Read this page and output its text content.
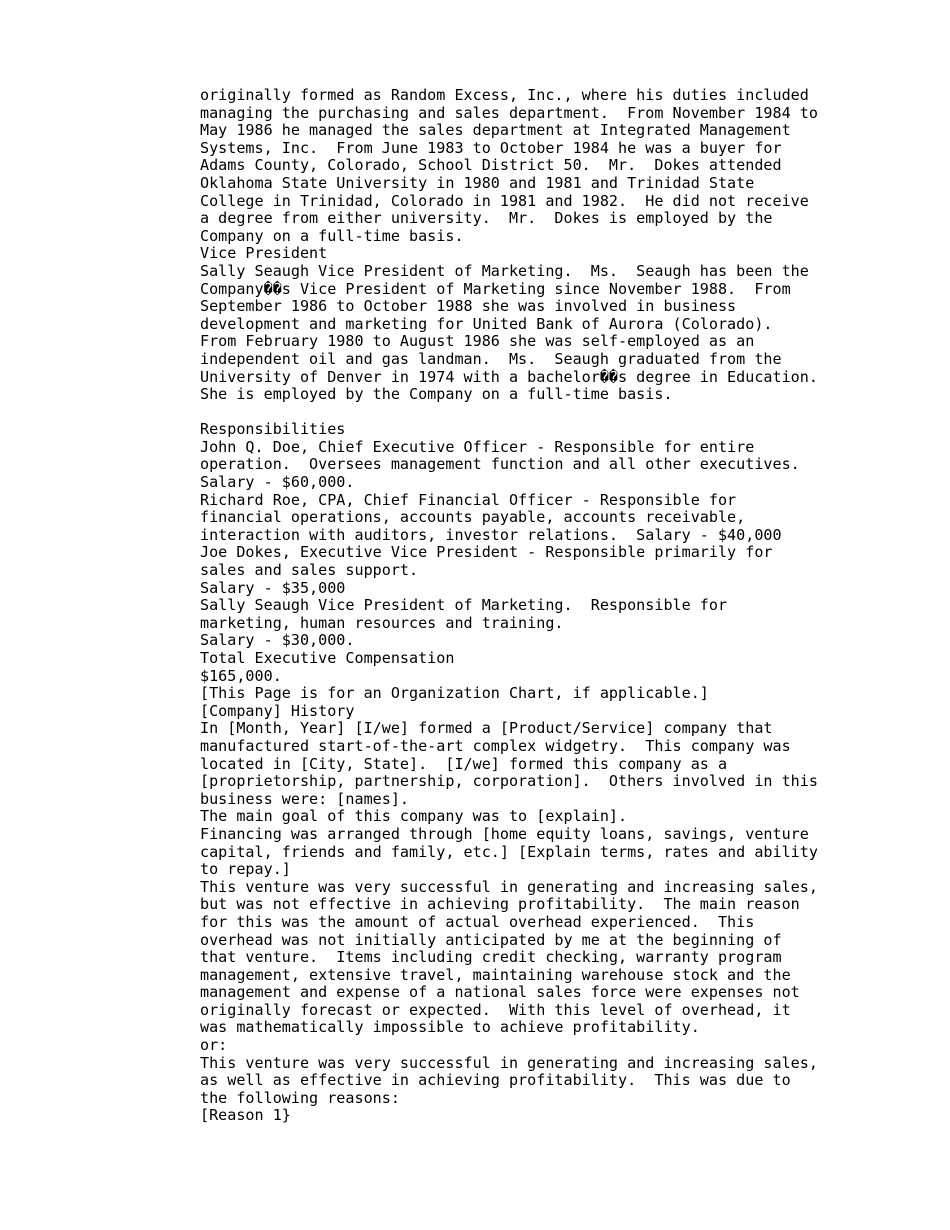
originally formed as Random Excess, Inc., where his duties included
managing the purchasing and sales department.  From November 1984 to
May 1986 he managed the sales department at Integrated Management
Systems, Inc.  From June 1983 to October 1984 he was a buyer for
Adams County, Colorado, School District 50.  Mr.  Dokes attended
Oklahoma State University in 1980 and 1981 and Trinidad State
College in Trinidad, Colorado in 1981 and 1982.  He did not receive
a degree from either university.  Mr.  Dokes is employed by the
Company on a full-time basis.
Vice President
Sally Seaugh Vice President of Marketing.  Ms.  Seaugh has been the
Company��s Vice President of Marketing since November 1988.  From
September 1986 to October 1988 she was involved in business
development and marketing for United Bank of Aurora (Colorado).
From February 1980 to August 1986 she was self-employed as an
independent oil and gas landman.  Ms.  Seaugh graduated from the
University of Denver in 1974 with a bachelor��s degree in Education.
She is employed by the Company on a full-time basis.
Responsibilities
John Q. Doe, Chief Executive Officer - Responsible for entire
operation.  Oversees management function and all other executives.
Salary - $60,000.
Richard Roe, CPA, Chief Financial Officer - Responsible for
financial operations, accounts payable, accounts receivable,
interaction with auditors, investor relations.  Salary - $40,000
Joe Dokes, Executive Vice President - Responsible primarily for
sales and sales support.
Salary - $35,000
Sally Seaugh Vice President of Marketing.  Responsible for
marketing, human resources and training.
Salary - $30,000.
Total Executive Compensation
$165,000.
[This Page is for an Organization Chart, if applicable.]
[Company] History
In [Month, Year] [I/we] formed a [Product/Service] company that
manufactured start-of-the-art complex widgetry.  This company was
located in [City, State].  [I/we] formed this company as a
[proprietorship, partnership, corporation].  Others involved in this
business were: [names].
The main goal of this company was to [explain].
Financing was arranged through [home equity loans, savings, venture
capital, friends and family, etc.] [Explain terms, rates and ability
to repay.]
This venture was very successful in generating and increasing sales,
but was not effective in achieving profitability.  The main reason
for this was the amount of actual overhead experienced.  This
overhead was not initially anticipated by me at the beginning of
that venture.  Items including credit checking, warranty program
management, extensive travel, maintaining warehouse stock and the
management and expense of a national sales force were expenses not
originally forecast or expected.  With this level of overhead, it
was mathematically impossible to achieve profitability.
or:
This venture was very successful in generating and increasing sales,
as well as effective in achieving profitability.  This was due to
the following reasons:
[Reason 1}
